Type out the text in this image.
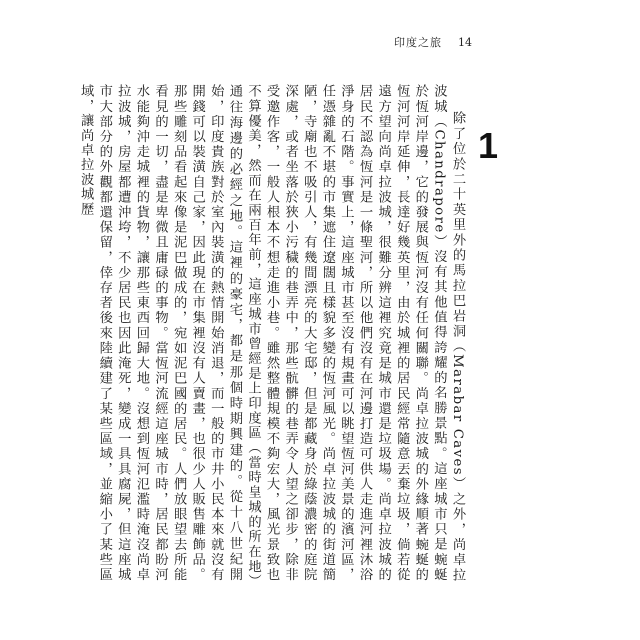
印度之旅 14
1

除了位於二十英里外的馬拉巴岩洞（Marabar Caves）之外，尚卓拉波城（Chandrapore）沒有其他值得誇耀的名勝景點。這座城市只是蜿蜒於恆河岸邊，它的發展與恆河沒有任何關聯。尚卓拉波城的外緣順著蜿蜒的恆河河岸延伸，長達好幾英里，由於城裡的居民經常隨意丟棄垃圾，倘若從遠方望向尚卓拉波城，很難分辨這裡究竟是城市還是垃圾場。尚卓拉波城的居民不認為恆河是一條聖河，所以他們沒有在河邊打造可供人走進河裡沐浴淨身的石階。事實上，這座城市甚至沒有規畫可以眺望恆河美景的濱河區，任憑雜亂不堪的市集遮住遼闊且樣貌多變的恆河風光。尚卓拉波城的街道簡陋，寺廟也不吸引人，有幾間漂亮的大宅邸，但是都藏身於綠蔭濃密的庭院深處，或者坐落於狹小污穢的巷弄中，那些骯髒的巷弄令人望之卻步，除非受邀作客，一般人根本不想走進小巷。雖然整體規模不夠宏大，風光景致也不算優美，然而在兩百年前，這座城市曾經是上印度區（當時皇城的所在地）通往海邊的必經之地。這裡的豪宅，都是那個時期興建的。從十八世紀開始，印度貴族對於室內裝潢的熱情開始消退，而一般的市井小民本來就沒有開錢可以裝潢自己家，因此現在市集裡沒有人賣畫，也很少人販售雕飾品。那些雕刻品看起來像是泥巴做成的，宛如泥巴國的居民。人們放眼望去所能看見的一切，盡是卑微且庸碌的事物。當恆河流經這座城市時，居民都盼河水能夠沖走城裡的貨物，讓那些東西回歸大地。沒想到恆河氾濫時淹沒尚卓拉波城，房屋都遭沖垮，不少居民也因此淹死，變成一具具腐屍，但這座城市大部分的外觀都還保留，倖存者後來陸續建了某些區域，並縮小了某些區域，讓尚卓拉波城歷
